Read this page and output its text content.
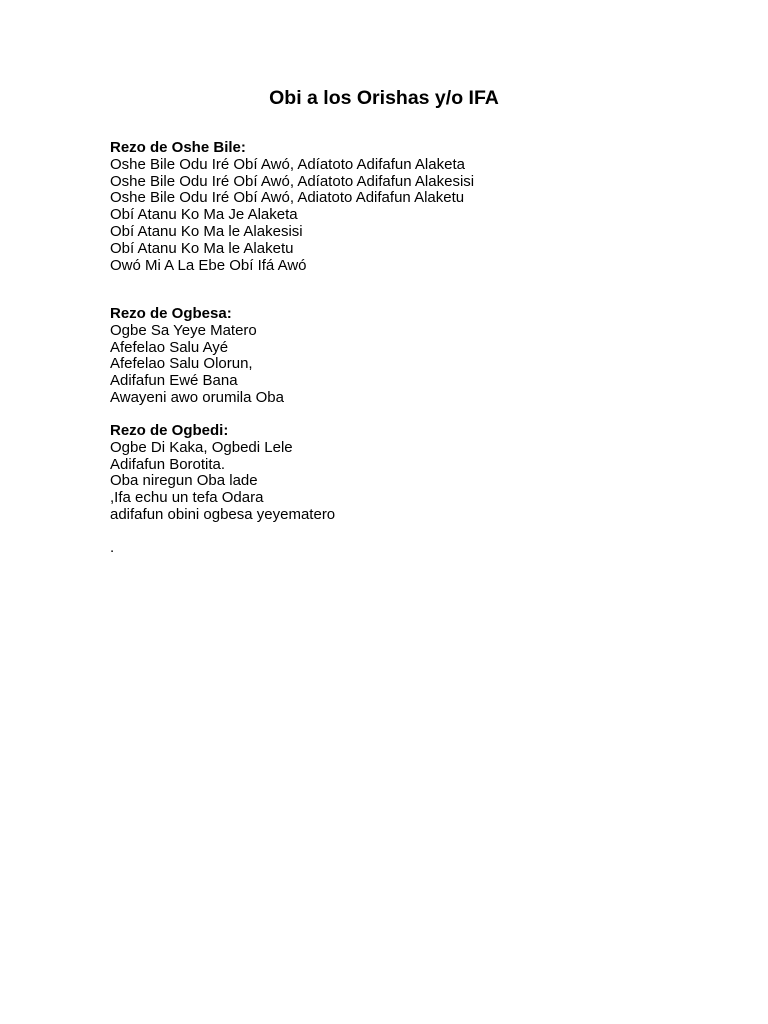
Obi a los Orishas y/o IFA
Rezo de Oshe Bile:
Oshe Bile Odu Iré Obí Awó, Adíatoto Adifafun Alaketa
Oshe Bile Odu Iré Obí Awó, Adíatoto Adifafun Alakesisi
Oshe Bile Odu Iré Obí Awó, Adiatoto Adifafun Alaketu
Obí Atanu Ko Ma Je Alaketa
Obí Atanu Ko Ma le Alakesisi
Obí Atanu Ko Ma le Alaketu
Owó Mi A La Ebe Obí Ifá Awó
Rezo de Ogbesa:
Ogbe Sa Yeye Matero
Afefelao Salu Ayé
Afefelao Salu Olorun,
Adifafun Ewé Bana
Awayeni awo orumila Oba
Rezo de Ogbedi:
Ogbe Di Kaka, Ogbedi Lele
Adifafun Borotita.
Oba niregun Oba lade
,Ifa echu un tefa Odara
adifafun obini ogbesa yeyematero
.
